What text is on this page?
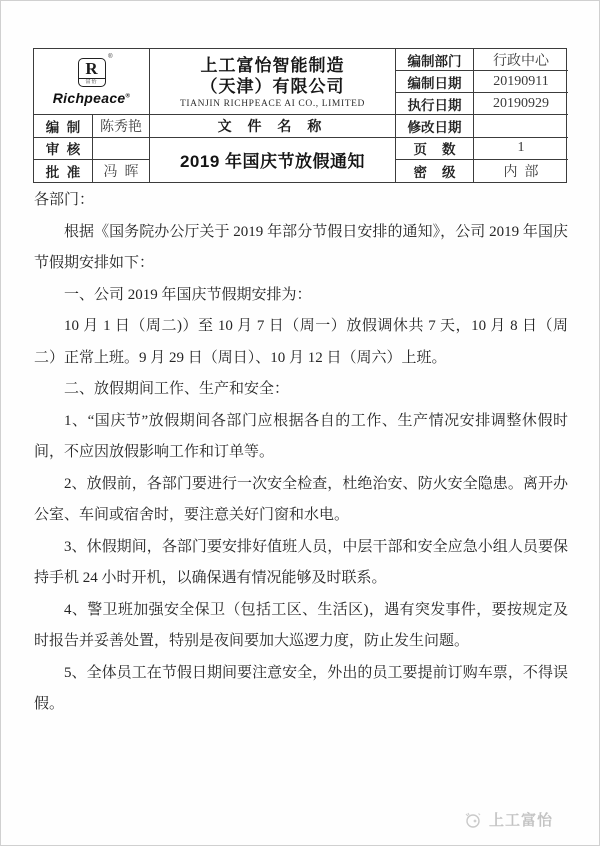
R
富怡
®
Richpeace®
上工富怡智能制造
（天津）有限公司
TIANJIN RICHPEACE AI CO., LIMITED
编制部门 行政中心
编制日期 20190911
执行日期 20190929
修改日期
页    数	1
密    级	内  部
编  制 陈秀艳
审  核
批  准 冯  晖
文 件 名 称
2019 年国庆节放假通知

各部门：

根据《国务院办公厅关于 2019 年部分节假日安排的通知》，公司 2019 年国庆节假期安排如下：

一、公司 2019 年国庆节假期安排为：

10 月 1 日（周二)）至 10 月 7 日（周一）放假调休共 7 天，10 月 8 日（周二）正常上班。9 月 29 日（周日）、10 月 12 日（周六）上班。

二、放假期间工作、生产和安全：

1、“国庆节”放假期间各部门应根据各自的工作、生产情况安排调整休假时间，不应因放假影响工作和订单等。

2、放假前，各部门要进行一次安全检查，杜绝治安、防火安全隐患。离开办公室、车间或宿舍时，要注意关好门窗和水电。

3、休假期间，各部门要安排好值班人员，中层干部和安全应急小组人员要保持手机 24 小时开机，以确保遇有情况能够及时联系。

4、警卫班加强安全保卫（包括工区、生活区)，遇有突发事件，要按规定及时报告并妥善处置，特别是夜间要加大巡逻力度，防止发生问题。

5、全体员工在节假日期间要注意安全，外出的员工要提前订购车票，不得误假。

上工富怡
